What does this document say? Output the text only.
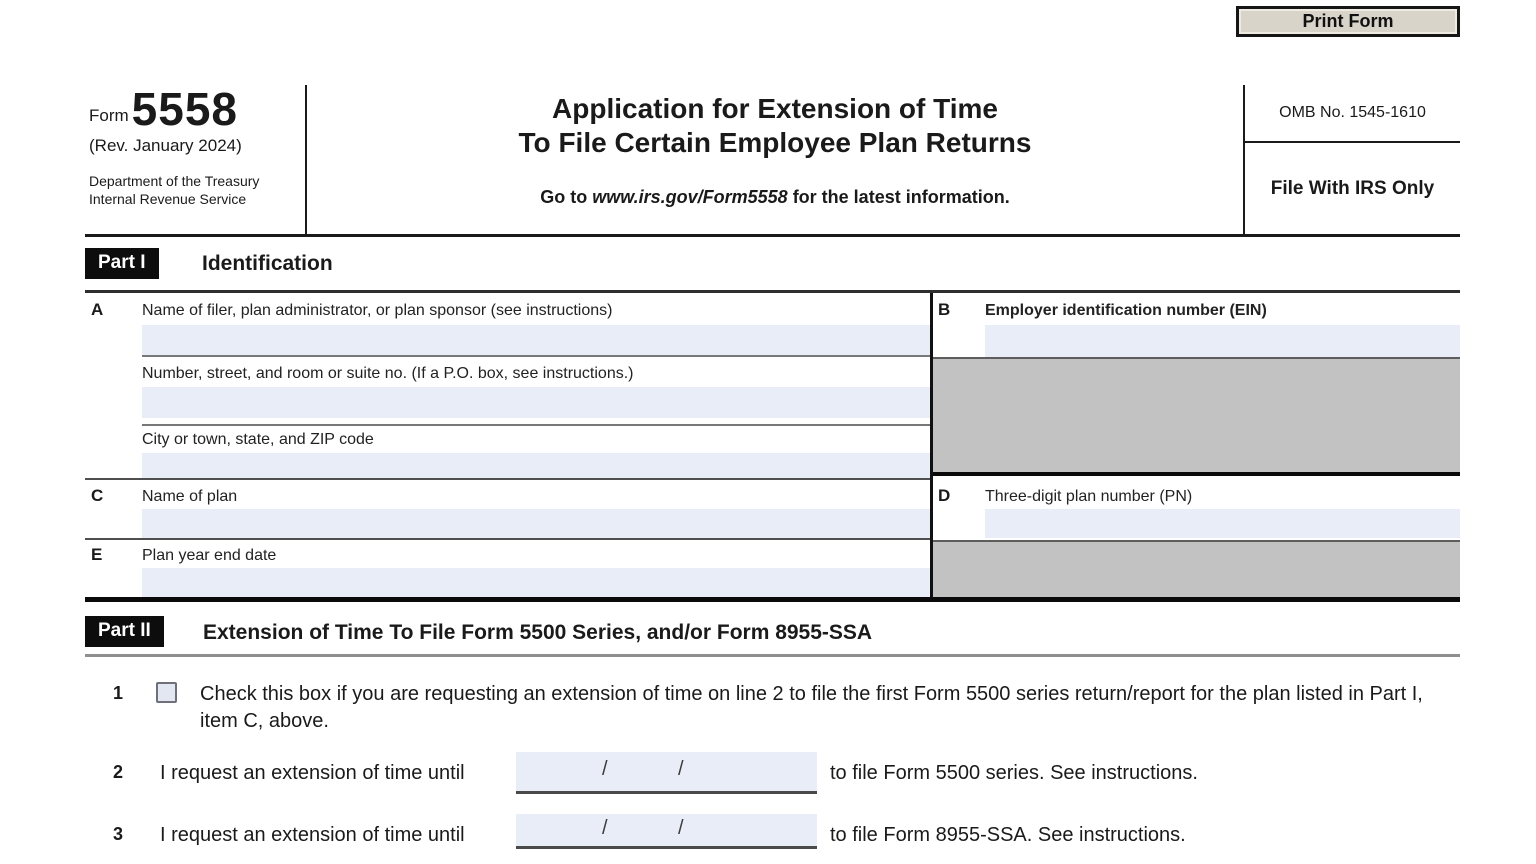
Print Form
Form 5558
(Rev. January 2024)
Department of the Treasury
Internal Revenue Service
Application for Extension of Time
To File Certain Employee Plan Returns
Go to www.irs.gov/Form5558 for the latest information.
OMB No. 1545-1610
File With IRS Only
Part I	Identification
A Name of filer, plan administrator, or plan sponsor (see instructions)
Number, street, and room or suite no. (If a P.O. box, see instructions.)
City or town, state, and ZIP code
C Name of plan
E Plan year end date
B Employer identification number (EIN)
D Three-digit plan number (PN)
Part II	Extension of Time To File Form 5500 Series, and/or Form 8955-SSA
1	Check this box if you are requesting an extension of time on line 2 to file the first Form 5500 series return/report for the plan listed in Part I, item C, above.
2 I request an extension of time until	/	/	to file Form 5500 series. See instructions.
3 I request an extension of time until	/	/	to file Form 8955-SSA. See instructions.
